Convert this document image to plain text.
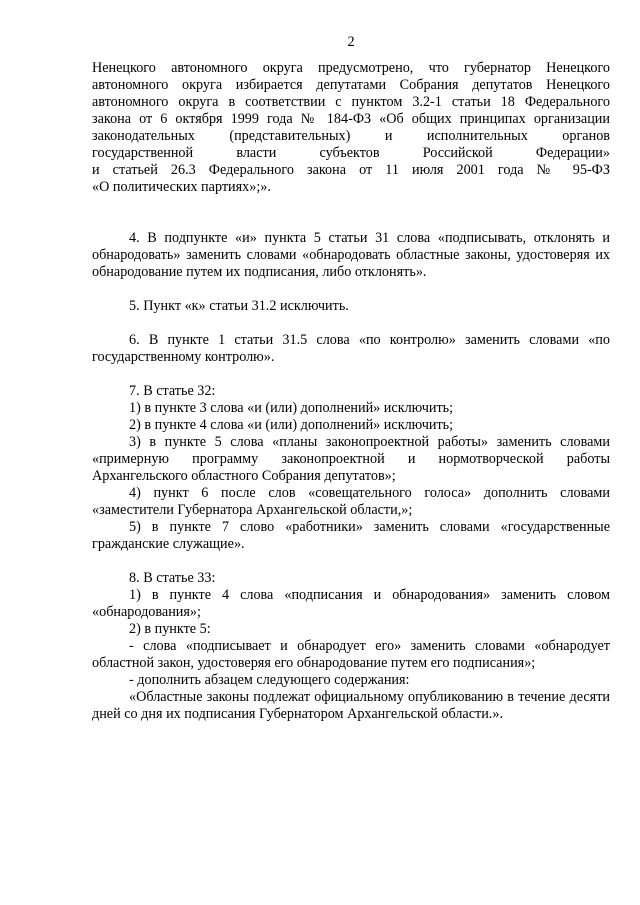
2

Ненецкого автономного округа предусмотрено, что губернатор Ненецкого

автономного округа избирается депутатами Собрания депутатов Ненецкого

автономного округа в соответствии с пунктом 3.2-1 статьи 18 Федерального

закона от 6 октября 1999 года № 184-ФЗ «Об общих принципах организации

законодательных (представительных) и исполнительных органов

государственной власти субъектов Российской Федерации»

и статьей 26.3 Федерального закона от 11 июля 2001 года № 95-ФЗ

«О политических партиях»;».

4. В подпункте «и» пункта 5 статьи 31 слова «подписывать, отклонять и обнародовать» заменить словами «обнародовать областные законы, удостоверяя их обнародование путем их подписания, либо отклонять».

5. Пункт «к» статьи 31.2 исключить.

6. В пункте 1 статьи 31.5 слова «по контролю» заменить словами «по государственному контролю».

7. В статье 32:

1) в пункте 3 слова «и (или) дополнений» исключить;

2) в пункте 4 слова «и (или) дополнений» исключить;

3) в пункте 5 слова «планы законопроектной работы» заменить словами «примерную программу законопроектной и нормотворческой работы Архангельского областного Собрания депутатов»;

4) пункт 6 после слов «совещательного голоса» дополнить словами «заместители Губернатора Архангельской области,»;

5) в пункте 7 слово «работники» заменить словами «государственные гражданские служащие».

8. В статье 33:

1) в пункте 4 слова «подписания и обнародования» заменить словом «обнародования»;

2) в пункте 5:

- слова «подписывает и обнародует его» заменить словами «обнародует областной закон, удостоверяя его обнародование путем его подписания»;

- дополнить абзацем следующего содержания:

«Областные законы подлежат официальному опубликованию в течение десяти дней со дня их подписания Губернатором Архангельской области.».
